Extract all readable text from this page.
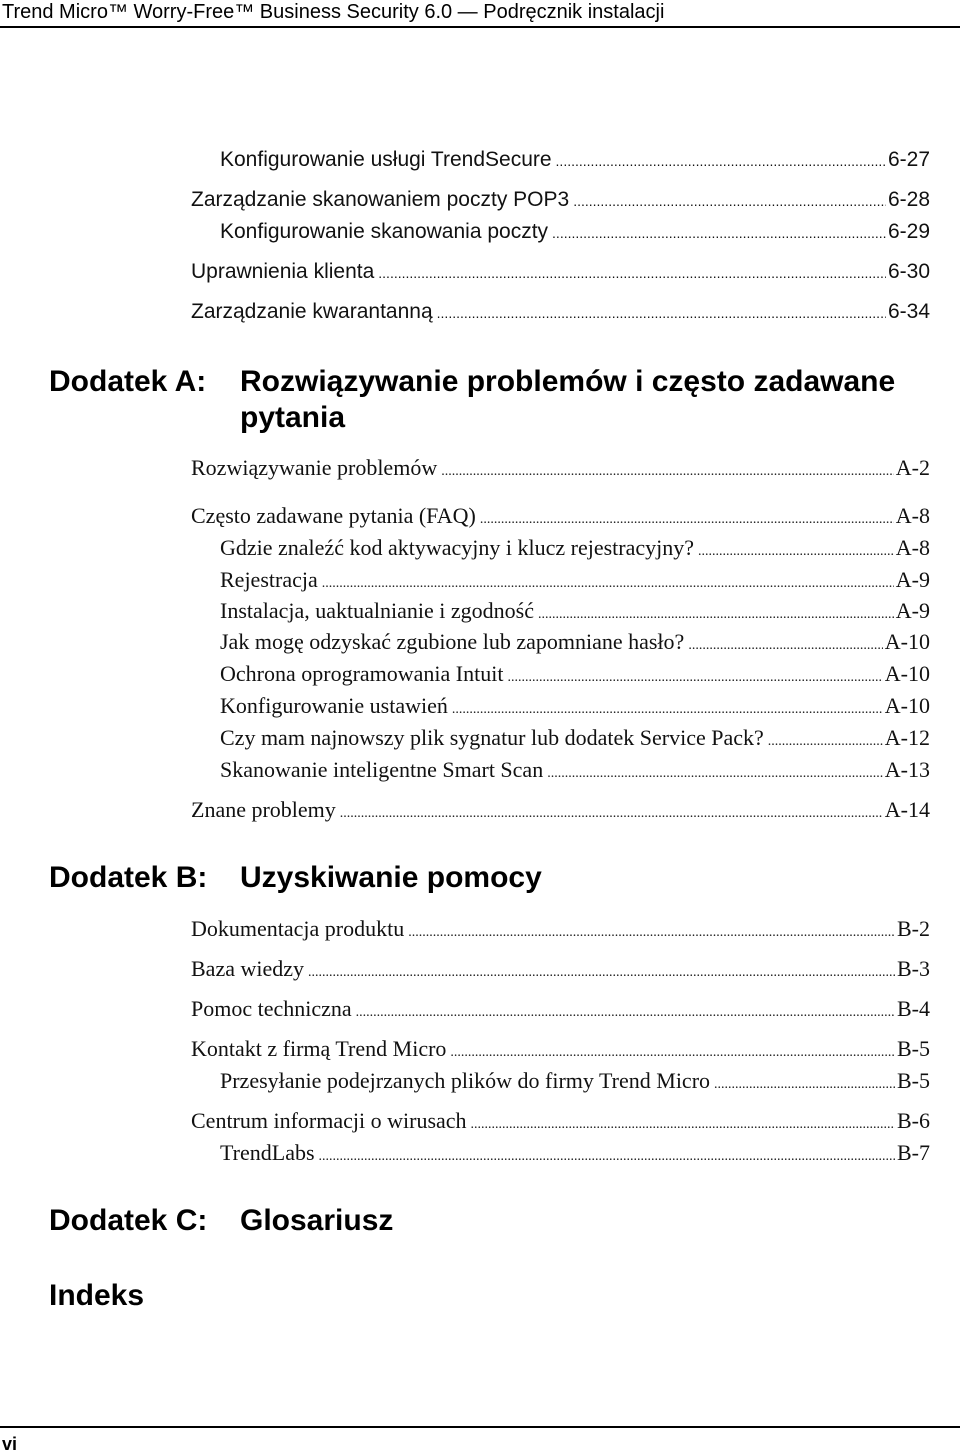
Trend Micro™ Worry-Free™ Business Security 6.0 — Podręcznik instalacji
Konfigurowanie usługi TrendSecure .....	6-27
Zarządzanie skanowaniem poczty POP3 .....	6-28
Konfigurowanie skanowania poczty .....	6-29
Uprawnienia klienta .....	6-30
Zarządzanie kwarantanną .....	6-34
Dodatek A: Rozwiązywanie problemów i często zadawane
pytania
Rozwiązywanie problemów .....	A-2
Często zadawane pytania (FAQ) .....	A-8
Gdzie znaleźć kod aktywacyjny i klucz rejestracyjny? .....	A-8
Rejestracja .....	A-9
Instalacja, uaktualnianie i zgodność .....	A-9
Jak mogę odzyskać zgubione lub zapomniane hasło? .....	A-10
Ochrona oprogramowania Intuit .....	A-10
Konfigurowanie ustawień .....	A-10
Czy mam najnowszy plik sygnatur lub dodatek Service Pack? .....	A-12
Skanowanie inteligentne Smart Scan .....	A-13
Znane problemy .....	A-14
Dodatek B: Uzyskiwanie pomocy
Dokumentacja produktu .....	B-2
Baza wiedzy .....	B-3
Pomoc techniczna .....	B-4
Kontakt z firmą Trend Micro .....	B-5
Przesyłanie podejrzanych plików do firmy Trend Micro .....	B-5
Centrum informacji o wirusach .....	B-6
TrendLabs .....	B-7
Dodatek C: Glosariusz
Indeks
vi
